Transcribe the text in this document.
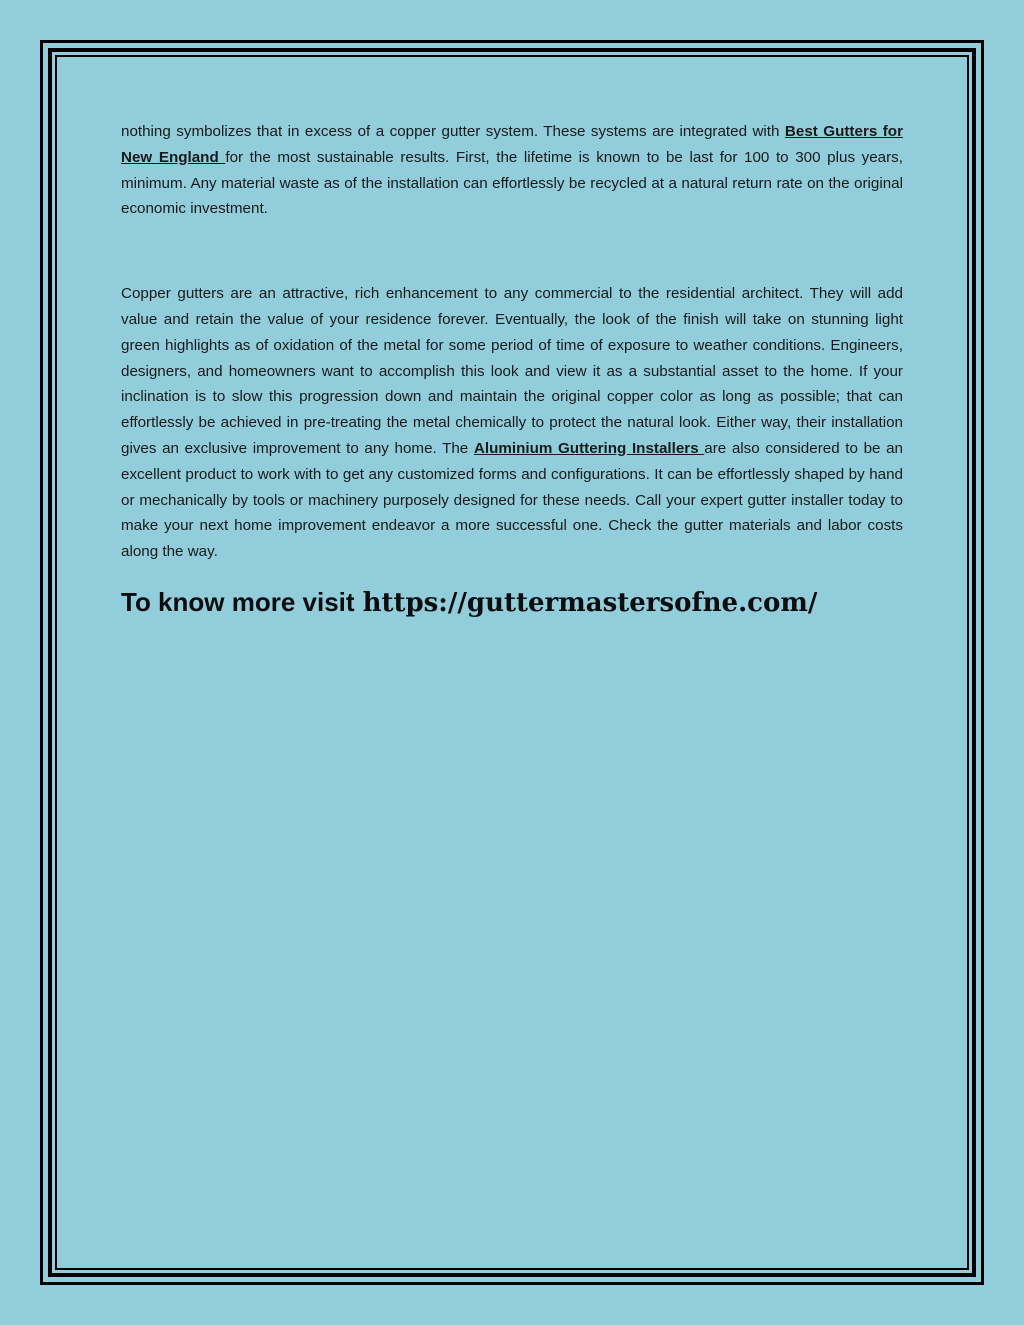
nothing symbolizes that in excess of a copper gutter system. These systems are integrated with Best Gutters for New England for the most sustainable results. First, the lifetime is known to be last for 100 to 300 plus years, minimum. Any material waste as of the installation can effortlessly be recycled at a natural return rate on the original economic investment.

Copper gutters are an attractive, rich enhancement to any commercial to the residential architect. They will add value and retain the value of your residence forever. Eventually, the look of the finish will take on stunning light green highlights as of oxidation of the metal for some period of time of exposure to weather conditions. Engineers, designers, and homeowners want to accomplish this look and view it as a substantial asset to the home. If your inclination is to slow this progression down and maintain the original copper color as long as possible; that can effortlessly be achieved in pre-treating the metal chemically to protect the natural look. Either way, their installation gives an exclusive improvement to any home. The Aluminium Guttering Installers are also considered to be an excellent product to work with to get any customized forms and configurations. It can be effortlessly shaped by hand or mechanically by tools or machinery purposely designed for these needs. Call your expert gutter installer today to make your next home improvement endeavor a more successful one. Check the gutter materials and labor costs along the way.

To know more visit https://guttermastersofne.com/
